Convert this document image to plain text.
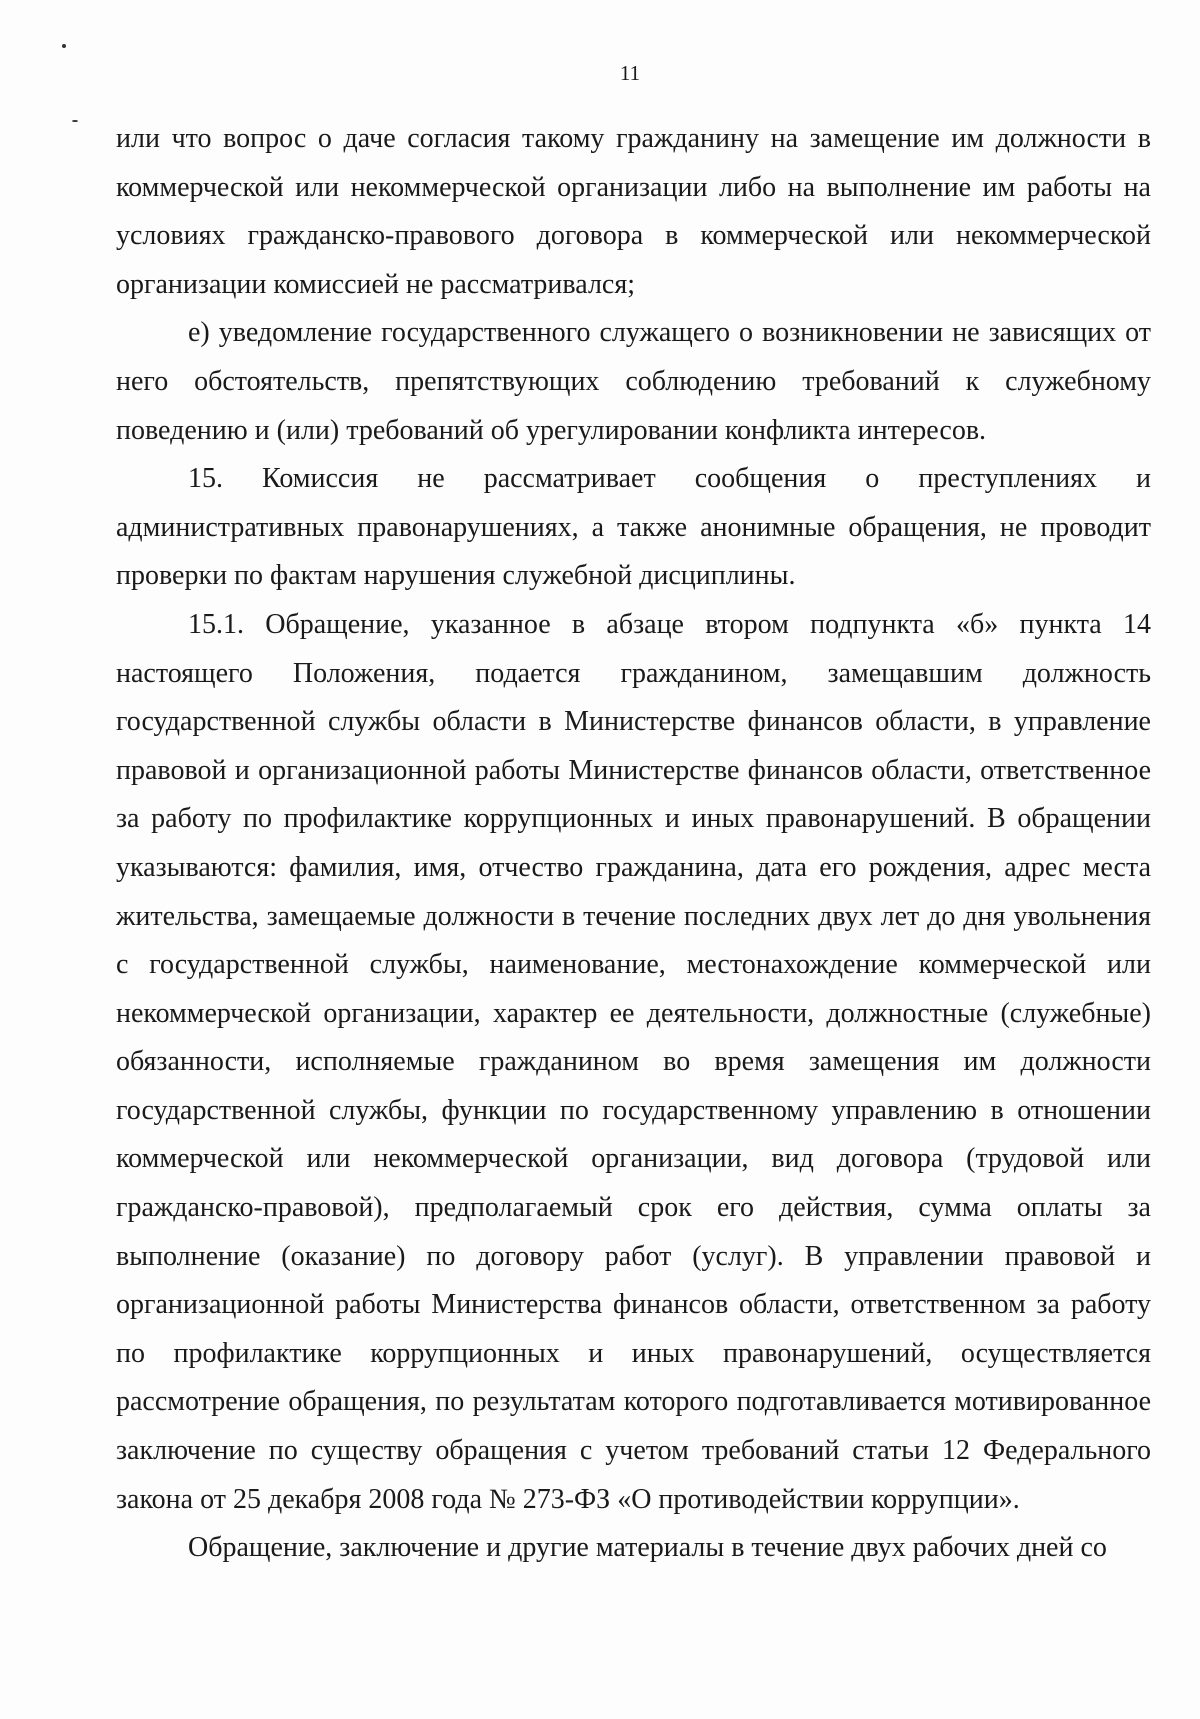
11

или что вопрос о даче согласия такому гражданину на замещение им должности в коммерческой или некоммерческой организации либо на выполнение им работы на условиях гражданско-правового договора в коммерческой или некоммерческой организации комиссией не рассматривался;

е) уведомление государственного служащего о возникновении не зависящих от него обстоятельств, препятствующих соблюдению требований к служебному поведению и (или) требований об урегулировании конфликта интересов.

15. Комиссия не рассматривает сообщения о преступлениях и административных правонарушениях, а также анонимные обращения, не проводит проверки по фактам нарушения служебной дисциплины.

15.1. Обращение, указанное в абзаце втором подпункта «б» пункта 14 настоящего Положения, подается гражданином, замещавшим должность государственной службы области в Министерстве финансов области, в управление правовой и организационной работы Министерстве финансов области, ответственное за работу по профилактике коррупционных и иных правонарушений. В обращении указываются: фамилия, имя, отчество гражданина, дата его рождения, адрес места жительства, замещаемые должности в течение последних двух лет до дня увольнения с государственной службы, наименование, местонахождение коммерческой или некоммерческой организации, характер ее деятельности, должностные (служебные) обязанности, исполняемые гражданином во время замещения им должности государственной службы, функции по государственному управлению в отношении коммерческой или некоммерческой организации, вид договора (трудовой или гражданско-правовой), предполагаемый срок его действия, сумма оплаты за выполнение (оказание) по договору работ (услуг). В управлении правовой и организационной работы Министерства финансов области, ответственном за работу по профилактике коррупционных и иных правонарушений, осуществляется рассмотрение обращения, по результатам которого подготавливается мотивированное заключение по существу обращения с учетом требований статьи 12 Федерального закона от 25 декабря 2008 года № 273-ФЗ «О противодействии коррупции».

Обращение, заключение и другие материалы в течение двух рабочих дней со
